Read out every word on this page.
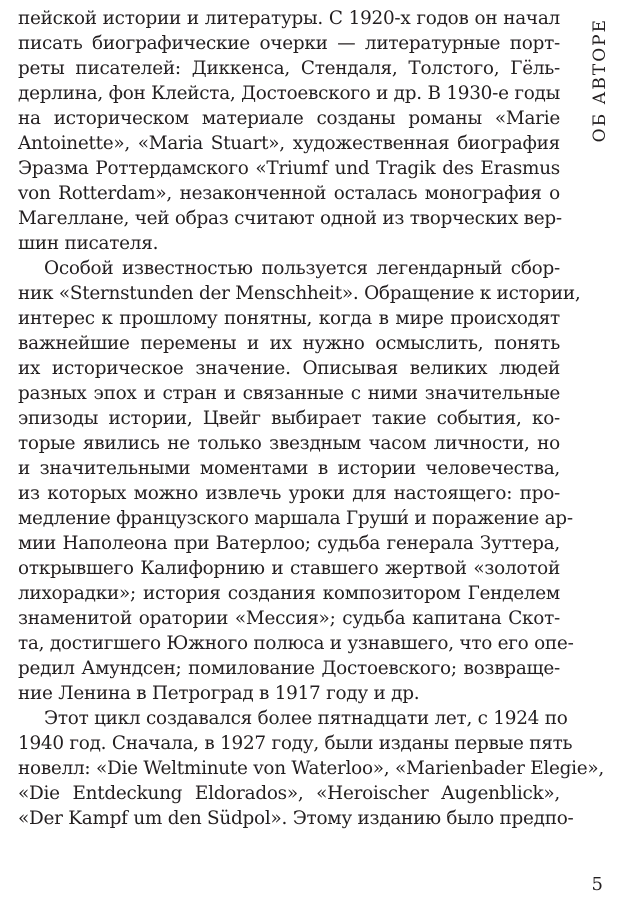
ОБ АВТОРЕ
пейской истории и литературы. С 1920-х годов он начал
писать биографические очерки — литературные порт-
реты писателей: Диккенса, Стендаля, Толстого, Гёль-
дерлина, фон Клейста, Достоевского и др. В 1930-е годы
на историческом материале созданы романы «Marie
Antoinette», «Maria Stuart», художественная биография
Эразма Роттердамского «Triumf und Tragik des Erasmus
von Rotterdam», незаконченной осталась монография о
Магеллане, чей образ считают одной из творческих вер-
шин писателя.
Особой известностью пользуется легендарный сбор-
ник «Sternstunden der Menschheit». Обращение к истории,
интерес к прошлому понятны, когда в мире происходят
важнейшие перемены и их нужно осмыслить, понять
их историческое значение. Описывая великих людей
разных эпох и стран и связанные с ними значительные
эпизоды истории, Цвейг выбирает такие события, ко-
торые явились не только звездным часом личности, но
и значительными моментами в истории человечества,
из которых можно извлечь уроки для настоящего: про-
медление французского маршала Груши́ и поражение ар-
мии Наполеона при Ватерлоо; судьба генерала Зуттера,
открывшего Калифорнию и ставшего жертвой «золотой
лихорадки»; история создания композитором Генделем
знаменитой оратории «Мессия»; судьба капитана Скот-
та, достигшего Южного полюса и узнавшего, что его опе-
редил Амундсен; помилование Достоевского; возвраще-
ние Ленина в Петроград в 1917 году и др.
Этот цикл создавался более пятнадцати лет, с 1924 по
1940 год. Сначала, в 1927 году, были изданы первые пять
новелл: «Die Weltminute von Waterloo», «Marienbader Elegie»,
«Die Entdeckung Eldorados», «Heroischer Augenblick»,
«Der Kampf um den Südpol». Этому изданию было предпо-
5
